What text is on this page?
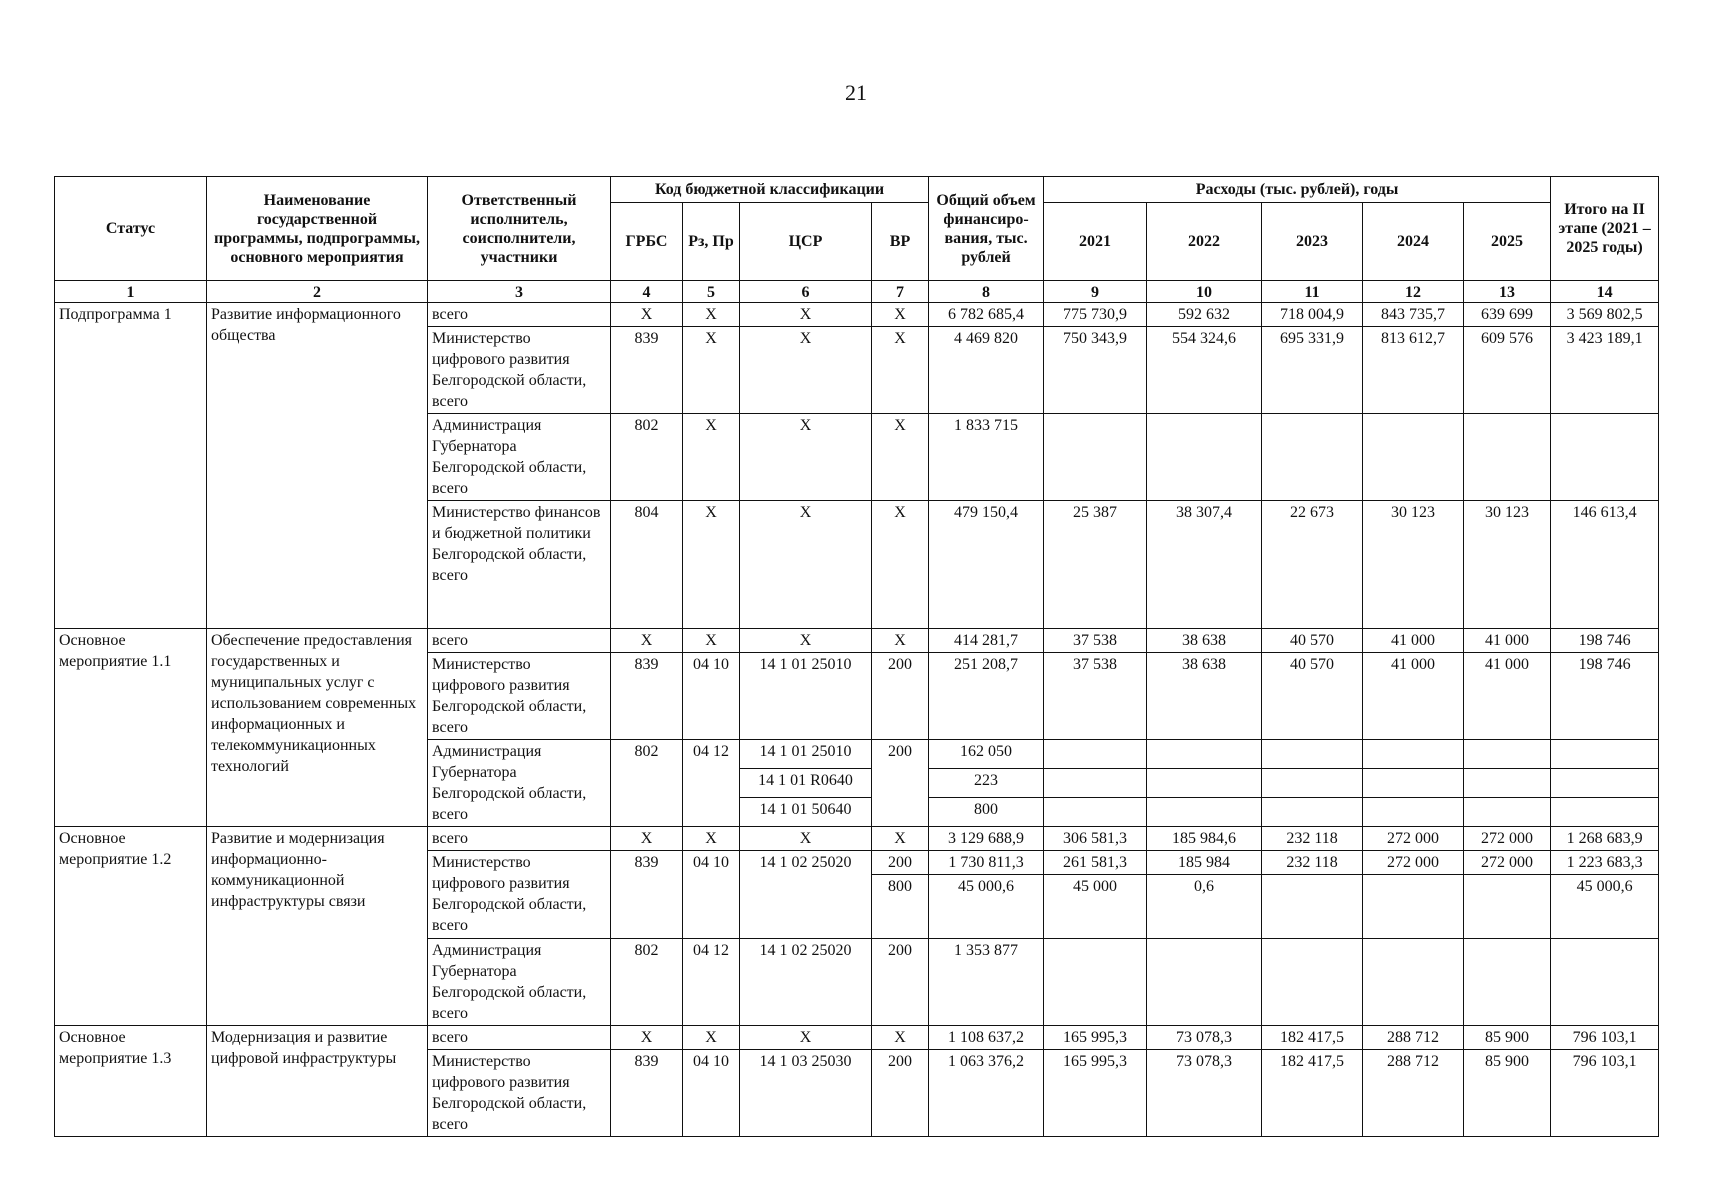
21
Статус	Наименование государственной программы, подпрограммы, основного мероприятия	Ответственный исполнитель, соисполнители, участники	Код бюджетной классификации				Общий объем финансиро-вания, тыс. рублей	Расходы (тыс. рублей), годы					Итого на II этапе (2021 – 2025 годы)
			ГРБС	Рз, Пр	ЦСР	ВР		2021	2022	2023	2024	2025	
1	2	3	4	5	6	7	8	9	10	11	12	13	14
Подпрограмма 1	Развитие информационного общества	всего	Х	Х	Х	Х	6 782 685,4	775 730,9	592 632	718 004,9	843 735,7	639 699	3 569 802,5
		Министерство цифрового развития Белгородской области, всего	839	Х	Х	Х	4 469 820	750 343,9	554 324,6	695 331,9	813 612,7	609 576	3 423 189,1
		Администрация Губернатора Белгородской области, всего	802	Х	Х	Х	1 833 715						
		Министерство финансов и бюджетной политики Белгородской области, всего	804	Х	Х	Х	479 150,4	25 387	38 307,4	22 673	30 123	30 123	146 613,4
Основное мероприятие 1.1	Обеспечение предоставления государственных и муниципальных услуг с использованием современных информационных и телекоммуникационных технологий	всего	Х	Х	Х	Х	414 281,7	37 538	38 638	40 570	41 000	41 000	198 746
		Министерство цифрового развития Белгородской области, всего	839	04 10	14 1 01 25010	200	251 208,7	37 538	38 638	40 570	41 000	41 000	198 746
		Администрация Губернатора Белгородской области, всего	802	04 12	14 1 01 25010	200	162 050						
					14 1 01 R0640		223						
					14 1 01 50640		800						
Основное мероприятие 1.2	Развитие и модернизация информационно-коммуникационной инфраструктуры связи	всего	Х	Х	Х	Х	3 129 688,9	306 581,3	185 984,6	232 118	272 000	272 000	1 268 683,9
		Министерство цифрового развития Белгородской области, всего	839	04 10	14 1 02 25020	200	1 730 811,3	261 581,3	185 984	232 118	272 000	272 000	1 223 683,3
						800	45 000,6	45 000	0,6				45 000,6
		Администрация Губернатора Белгородской области, всего	802	04 12	14 1 02 25020	200	1 353 877						
Основное мероприятие 1.3	Модернизация и развитие цифровой инфраструктуры	всего	Х	Х	Х	Х	1 108 637,2	165 995,3	73 078,3	182 417,5	288 712	85 900	796 103,1
		Министерство цифрового развития Белгородской области, всего	839	04 10	14 1 03 25030	200	1 063 376,2	165 995,3	73 078,3	182 417,5	288 712	85 900	796 103,1
